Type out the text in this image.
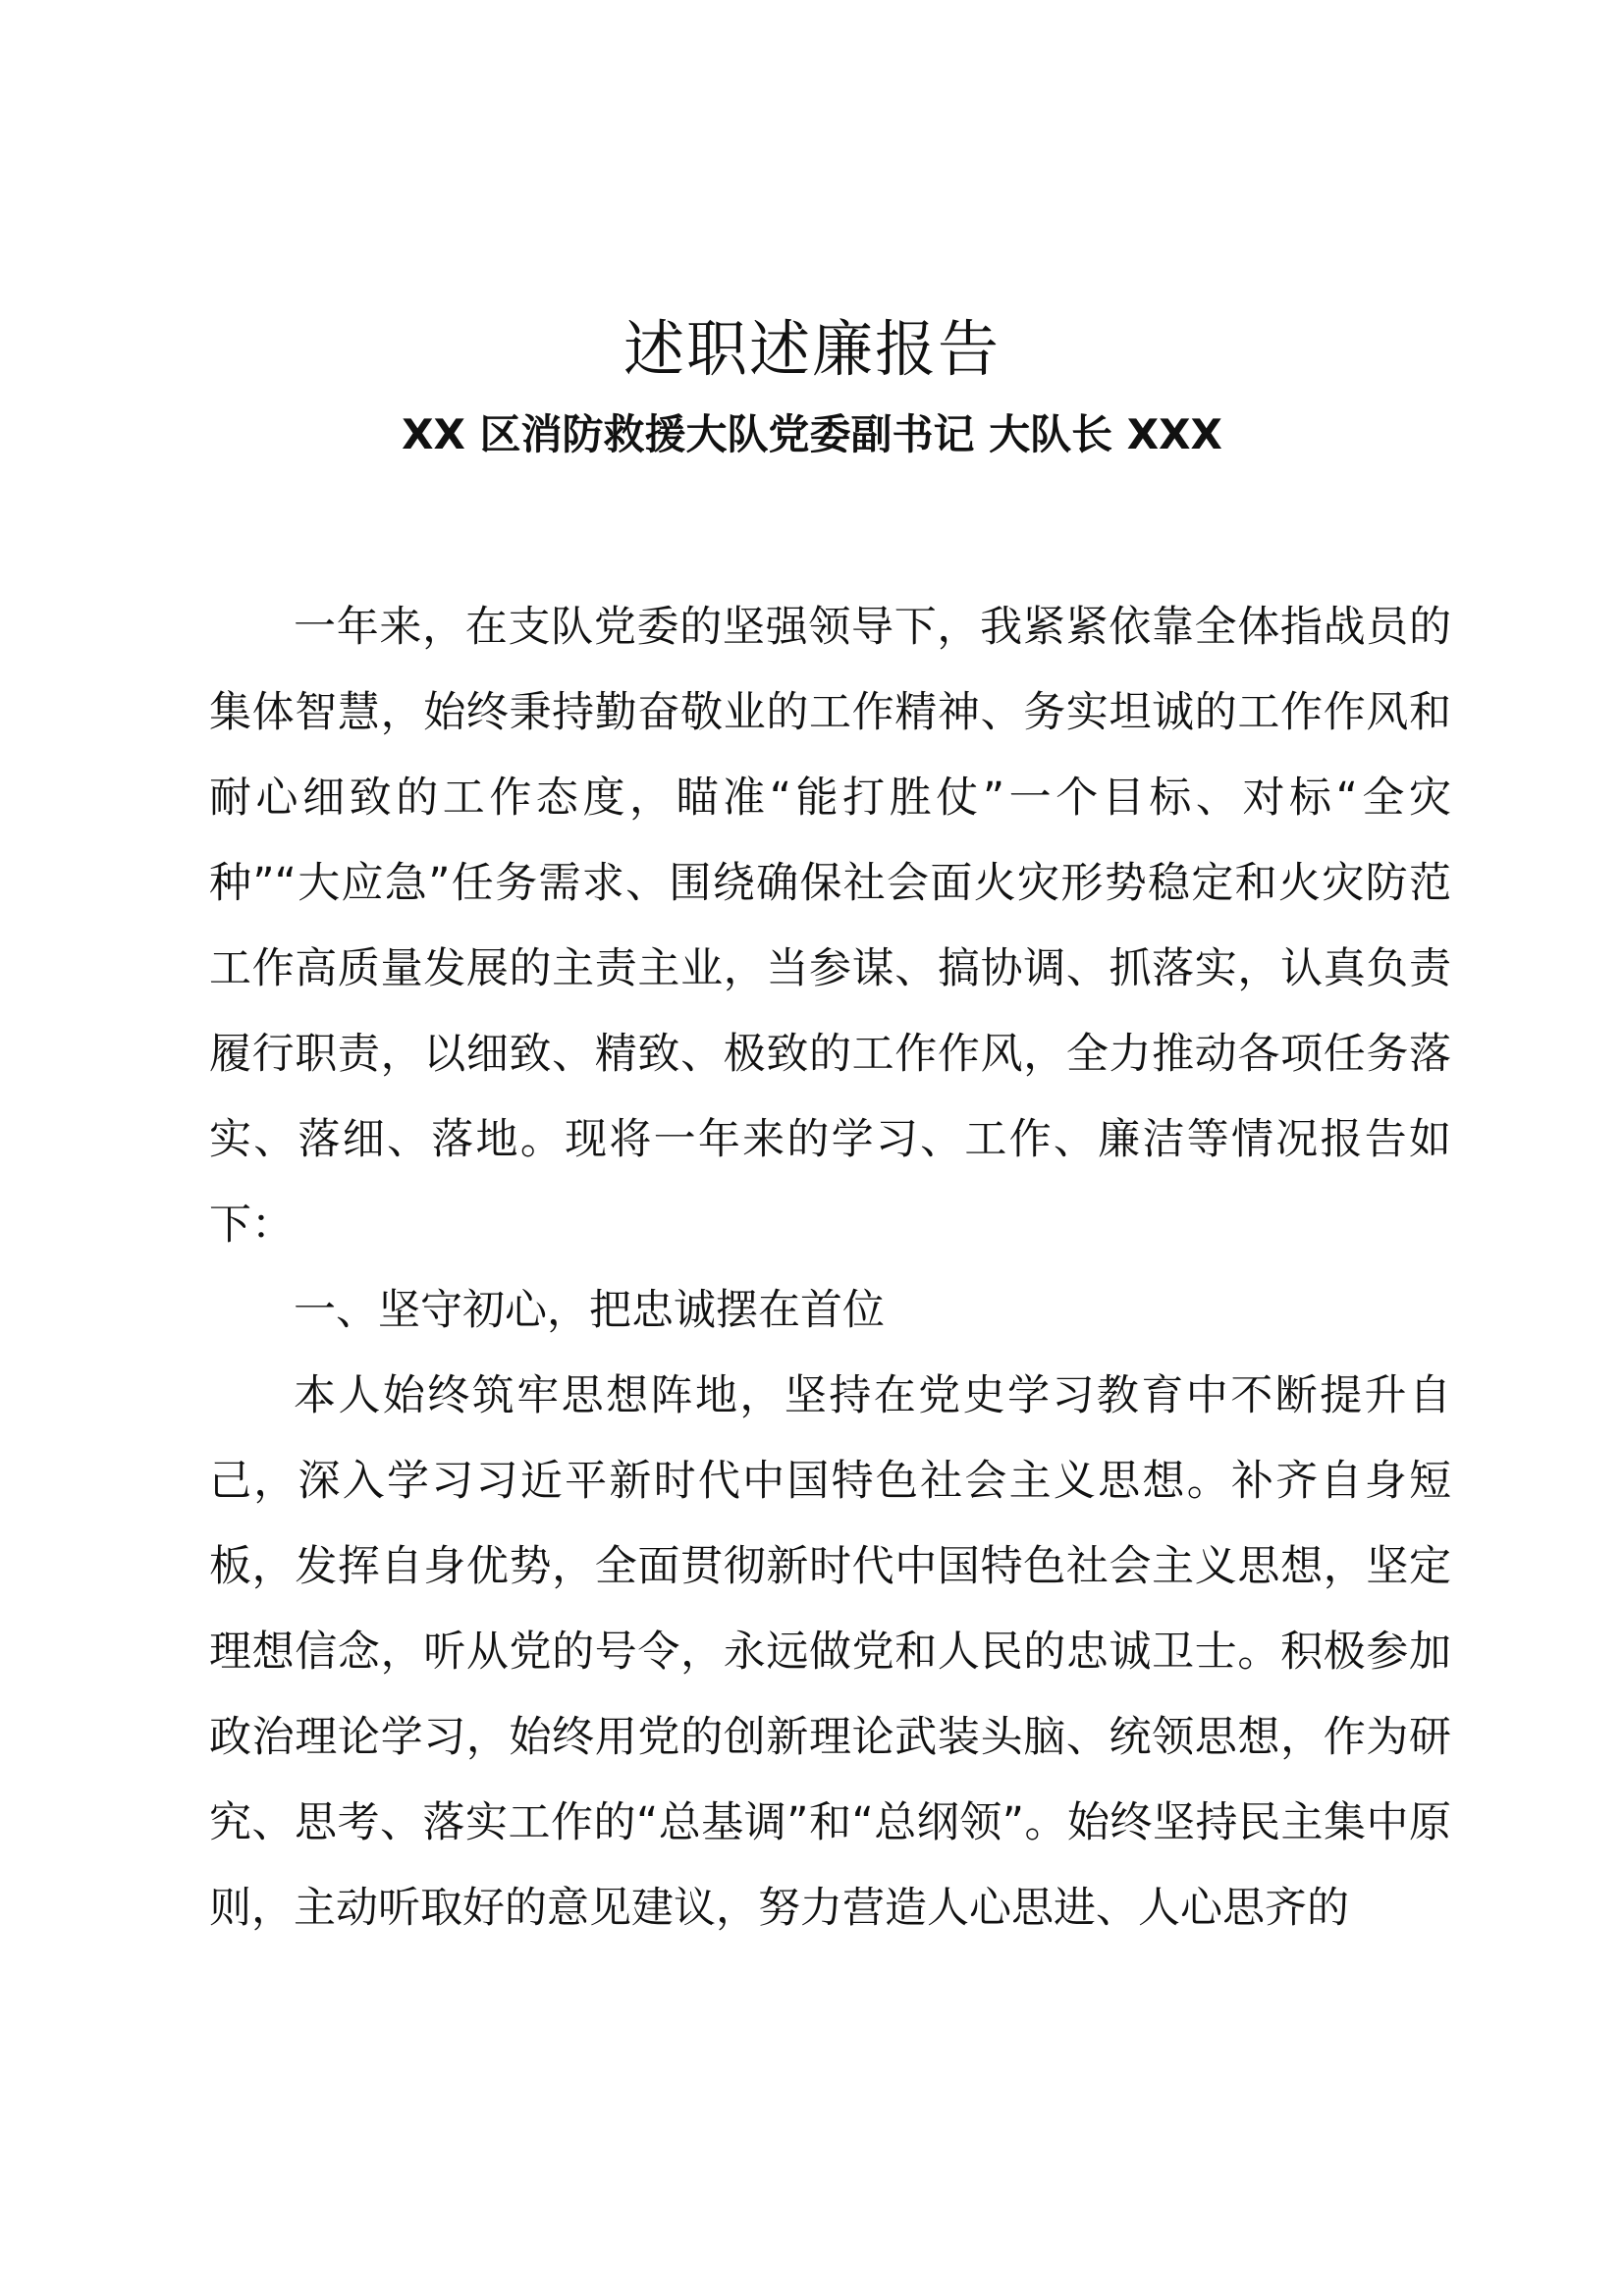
述职述廉报告
XX 区消防救援大队党委副书记 大队长 XXX

一年来，在支队党委的坚强领导下，我紧紧依靠全体指战员的集体智慧，始终秉持勤奋敬业的工作精神、务实坦诚的工作作风和耐心细致的工作态度，瞄准“能打胜仗”一个目标、对标“全灾种”“大应急”任务需求、围绕确保社会面火灾形势稳定和火灾防范工作高质量发展的主责主业，当参谋、搞协调、抓落实，认真负责履行职责，以细致、精致、极致的工作作风，全力推动各项任务落实、落细、落地。现将一年来的学习、工作、廉洁等情况报告如下：

一、坚守初心，把忠诚摆在首位

本人始终筑牢思想阵地，坚持在党史学习教育中不断提升自己，深入学习习近平新时代中国特色社会主义思想。补齐自身短板，发挥自身优势，全面贯彻新时代中国特色社会主义思想，坚定理想信念，听从党的号令，永远做党和人民的忠诚卫士。积极参加政治理论学习，始终用党的创新理论武装头脑、统领思想，作为研究、思考、落实工作的“总基调”和“总纲领”。始终坚持民主集中原则，主动听取好的意见建议，努力营造人心思进、人心思齐的
